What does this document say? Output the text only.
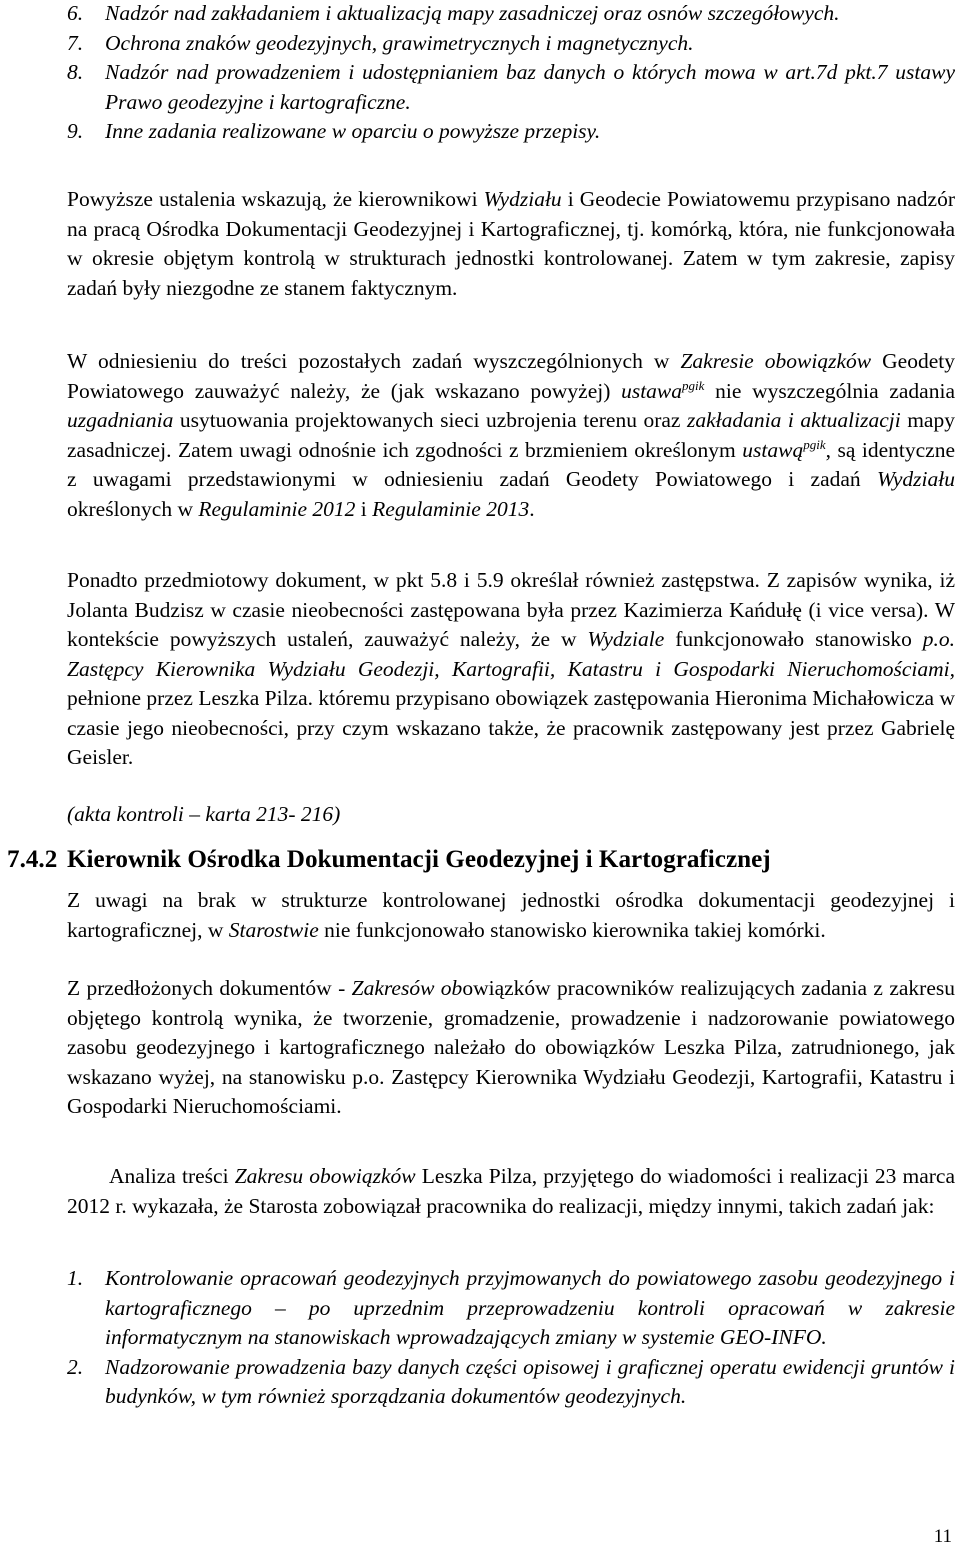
6. Nadzór nad zakładaniem i aktualizacją mapy zasadniczej oraz osnów szczegółowych.
7. Ochrona znaków geodezyjnych, grawimetrycznych i magnetycznych.
8. Nadzór nad prowadzeniem i udostępnianiem baz danych o których mowa w art.7d pkt.7 ustawy Prawo geodezyjne i kartograficzne.
9. Inne zadania realizowane w oparciu o powyższe przepisy.

Powyższe ustalenia wskazują, że kierownikowi Wydziału i Geodecie Powiatowemu przypisano nadzór na pracą Ośrodka Dokumentacji Geodezyjnej i Kartograficznej, tj. komórką, która, nie funkcjonowała w okresie objętym kontrolą w strukturach jednostki kontrolowanej. Zatem w tym zakresie, zapisy zadań były niezgodne ze stanem faktycznym.

W odniesieniu do treści pozostałych zadań wyszczególnionych w Zakresie obowiązków Geodety Powiatowego zauważyć należy, że (jak wskazano powyżej) ustawa$^{pgik}$ nie wyszczególnia zadania uzgadniania usytuowania projektowanych sieci uzbrojenia terenu oraz zakładania i aktualizacji mapy zasadniczej. Zatem uwagi odnośnie ich zgodności z brzmieniem określonym ustawą$^{pgik}$, są identyczne z uwagami przedstawionymi w odniesieniu zadań Geodety Powiatowego i zadań Wydziału określonych w Regulaminie 2012 i Regulaminie 2013.

Ponadto przedmiotowy dokument, w pkt 5.8 i 5.9 określał również zastępstwa. Z zapisów wynika, iż Jolanta Budzisz w czasie nieobecności zastępowana była przez Kazimierza Kańdułę (i vice versa). W kontekście powyższych ustaleń, zauważyć należy, że w Wydziale funkcjonowało stanowisko p.o. Zastępcy Kierownika Wydziału Geodezji, Kartografii, Katastru i Gospodarki Nieruchomościami, pełnione przez Leszka Pilza. któremu przypisano obowiązek zastępowania Hieronima Michałowicza w czasie jego nieobecności, przy czym wskazano także, że pracownik zastępowany jest przez Gabrielę Geisler.

(akta kontroli – karta 213- 216)

7.4.2 Kierownik Ośrodka Dokumentacji Geodezyjnej i Kartograficznej

Z uwagi na brak w strukturze kontrolowanej jednostki ośrodka dokumentacji geodezyjnej i kartograficznej, w Starostwie nie funkcjonowało stanowisko kierownika takiej komórki.

Z przedłożonych dokumentów - Zakresów obowiązków pracowników realizujących zadania z zakresu objętego kontrolą wynika, że tworzenie, gromadzenie, prowadzenie i nadzorowanie powiatowego zasobu geodezyjnego i kartograficznego należało do obowiązków Leszka Pilza, zatrudnionego, jak wskazano wyżej, na stanowisku p.o. Zastępcy Kierownika Wydziału Geodezji, Kartografii, Katastru i Gospodarki Nieruchomościami.

Analiza treści Zakresu obowiązków Leszka Pilza, przyjętego do wiadomości i realizacji 23 marca 2012 r. wykazała, że Starosta zobowiązał pracownika do realizacji, między innymi, takich zadań jak:

1. Kontrolowanie opracowań geodezyjnych przyjmowanych do powiatowego zasobu geodezyjnego i kartograficznego – po uprzednim przeprowadzeniu kontroli opracowań w zakresie informatycznym na stanowiskach wprowadzających zmiany w systemie GEO-INFO.
2. Nadzorowanie prowadzenia bazy danych części opisowej i graficznej operatu ewidencji gruntów i budynków, w tym również sporządzania dokumentów geodezyjnych.
11
